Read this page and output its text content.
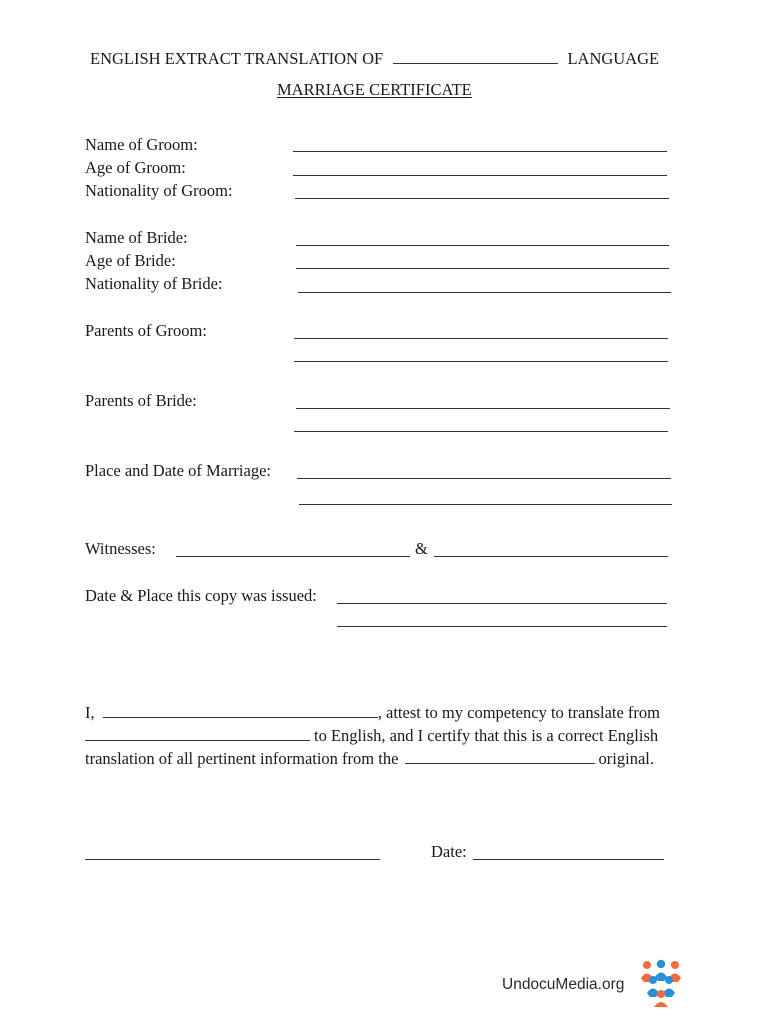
ENGLISH EXTRACT TRANSLATION OF	LANGUAGE
MARRIAGE CERTIFICATE
Name of Groom:
Age of Groom:
Nationality of Groom:
Name of Bride:
Age of Bride:
Nationality of Bride:
Parents of Groom:
Parents of Bride:
Place and Date of Marriage:
Witnesses:	&
Date & Place this copy was issued:
I,	, attest to my competency to translate from
to English, and I certify that this is a correct English
translation of all pertinent information from the	original.
Date:
UndocuMedia.org
